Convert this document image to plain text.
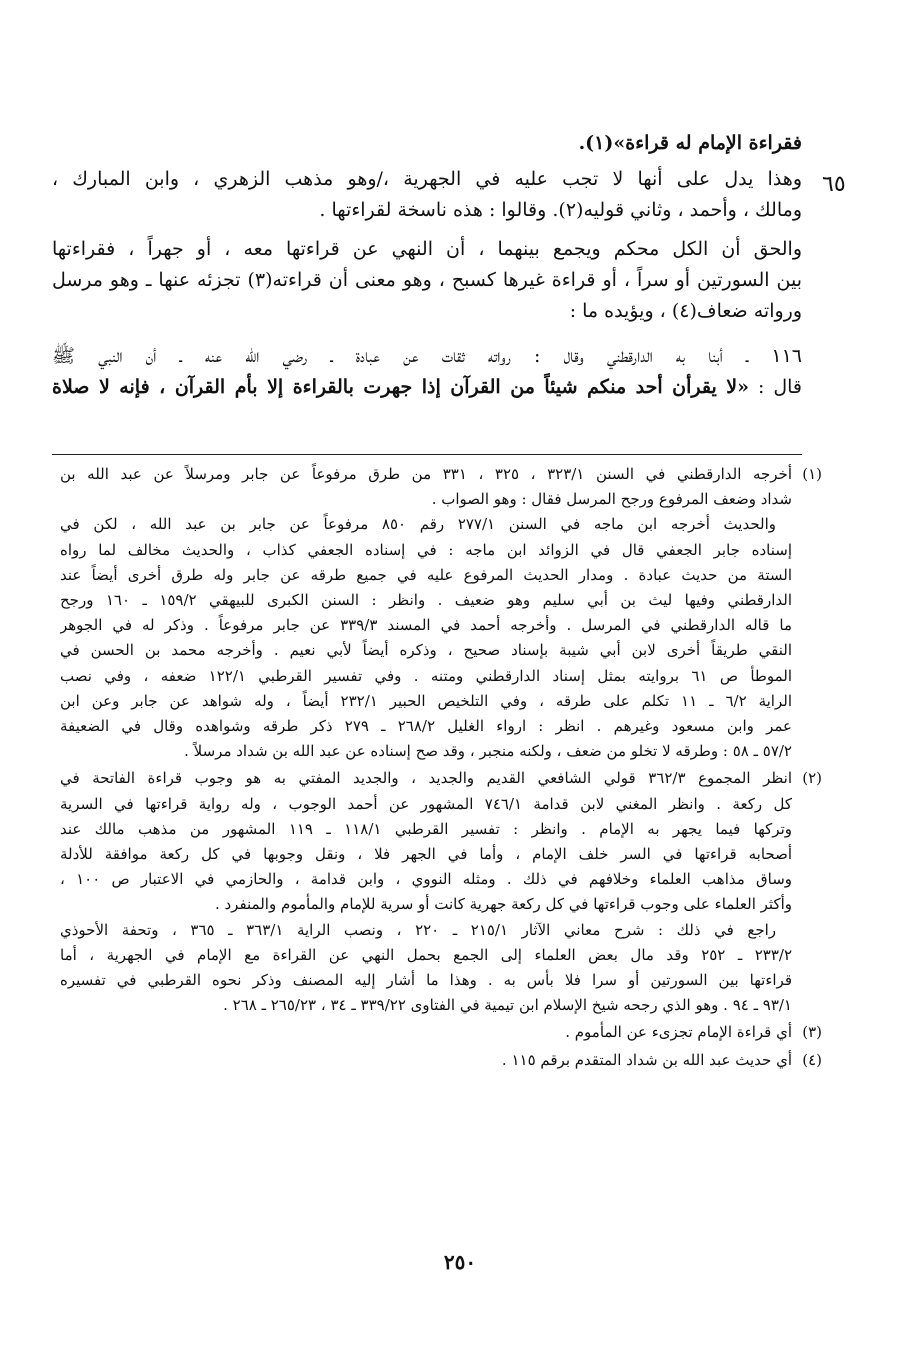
٦٥
فقراءة الإمام له قراءة»(١).
وهذا يدل على أنها لا تجب عليه في الجهرية ،/وهو مذهب الزهري ، وابن المبارك ،
ومالك ، وأحمد ، وثاني قوليه(٢). وقالوا : هذه ناسخة لقراءتها .
والحق أن الكل محكم ويجمع بينهما ، أن النهي عن قراءتها معه ، أو جهراً ، فقراءتها
بين السورتين أو سراً ، أو قراءة غيرها كسبح ، وهو معنى أن قراءته(٣) تجزئه عنها ـ وهو مرسل
ورواته ضعاف(٤) ، ويؤيده ما :
١١٦ ـ أبنا به الدارقطني وقال : رواته ثقات عن عبادة ـ رضي الله عنه ـ أن النبي ﷺ
قال : «لا يقرأن أحد منكم شيئاً من القرآن إذا جهرت بالقراءة إلا بأم القرآن ، فإنه لا صلاة
(١)
أخرجه الدارقطني في السنن ٣٢٣/١ ، ٣٢٥ ، ٣٣١ من طرق مرفوعاً عن جابر ومرسلاً عن عبد الله بن
شداد وضعف المرفوع ورجح المرسل فقال : وهو الصواب .
والحديث أخرجه ابن ماجه في السنن ٢٧٧/١ رقم ٨٥٠ مرفوعاً عن جابر بن عبد الله ، لكن في
إسناده جابر الجعفي قال في الزوائد ابن ماجه : في إسناده الجعفي كذاب ، والحديث مخالف لما رواه
الستة من حديث عبادة . ومدار الحديث المرفوع عليه في جميع طرقه عن جابر وله طرق أخرى أيضاً عند
الدارقطني وفيها ليث بن أبي سليم وهو ضعيف . وانظر : السنن الكبرى للبيهقي ١٥٩/٢ ـ ١٦٠ ورجح
ما قاله الدارقطني في المرسل . وأخرجه أحمد في المسند ٣٣٩/٣ عن جابر مرفوعاً . وذكر له في الجوهر
النقي طريقاً أخرى لابن أبي شيبة بإسناد صحيح ، وذكره أيضاً لأبي نعيم . وأخرجه محمد بن الحسن في
الموطأ ص ٦١ بروايته بمثل إسناد الدارقطني ومتنه . وفي تفسير القرطبي ١٢٢/١ ضعفه ، وفي نصب
الراية ٦/٢ ـ ١١ تكلم على طرقه ، وفي التلخيص الحبير ٢٣٢/١ أيضاً ، وله شواهد عن جابر وعن ابن
عمر وابن مسعود وغيرهم . انظر : ارواء الغليل ٢٦٨/٢ ـ ٢٧٩ ذكر طرقه وشواهده وقال في الضعيفة
٥٧/٢ ـ ٥٨ : وطرقه لا تخلو من ضعف ، ولكنه منجبر ، وقد صح إسناده عن عبد الله بن شداد مرسلاً .
(٢)
انظر المجموع ٣٦٢/٣ قولي الشافعي القديم والجديد ، والجديد المفتي به هو وجوب قراءة الفاتحة في
كل ركعة . وانظر المغني لابن قدامة ٧٤٦/١ المشهور عن أحمد الوجوب ، وله رواية قراءتها في السرية
وتركها فيما يجهر به الإمام . وانظر : تفسير القرطبي ١١٨/١ ـ ١١٩ المشهور من مذهب مالك عند
أصحابه قراءتها في السر خلف الإمام ، وأما في الجهر فلا ، ونقل وجوبها في كل ركعة موافقة للأدلة
وساق مذاهب العلماء وخلافهم في ذلك . ومثله النووي ، وابن قدامة ، والحازمي في الاعتبار ص ١٠٠ ،
وأكثر العلماء على وجوب قراءتها في كل ركعة جهرية كانت أو سرية للإمام والمأموم والمنفرد .
راجع في ذلك : شرح معاني الآثار ٢١٥/١ ـ ٢٢٠ ، ونصب الراية ٣٦٣/١ ـ ٣٦٥ ، وتحفة الأحوذي
٢٣٣/٢ ـ ٢٥٢ وقد مال بعض العلماء إلى الجمع بحمل النهي عن القراءة مع الإمام في الجهرية ، أما
قراءتها بين السورتين أو سرا فلا بأس به . وهذا ما أشار إليه المصنف وذكر نحوه القرطبي في تفسيره
٩٣/١ ـ ٩٤ . وهو الذي رجحه شيخ الإسلام ابن تيمية في الفتاوى ٣٣٩/٢٢ ـ ٣٤ ، ٢٦٥/٢٣ ـ ٢٦٨ .
(٣)
أي قراءة الإمام تجزىء عن المأموم .
(٤)
أي حديث عبد الله بن شداد المتقدم برقم ١١٥ .
٢٥٠
